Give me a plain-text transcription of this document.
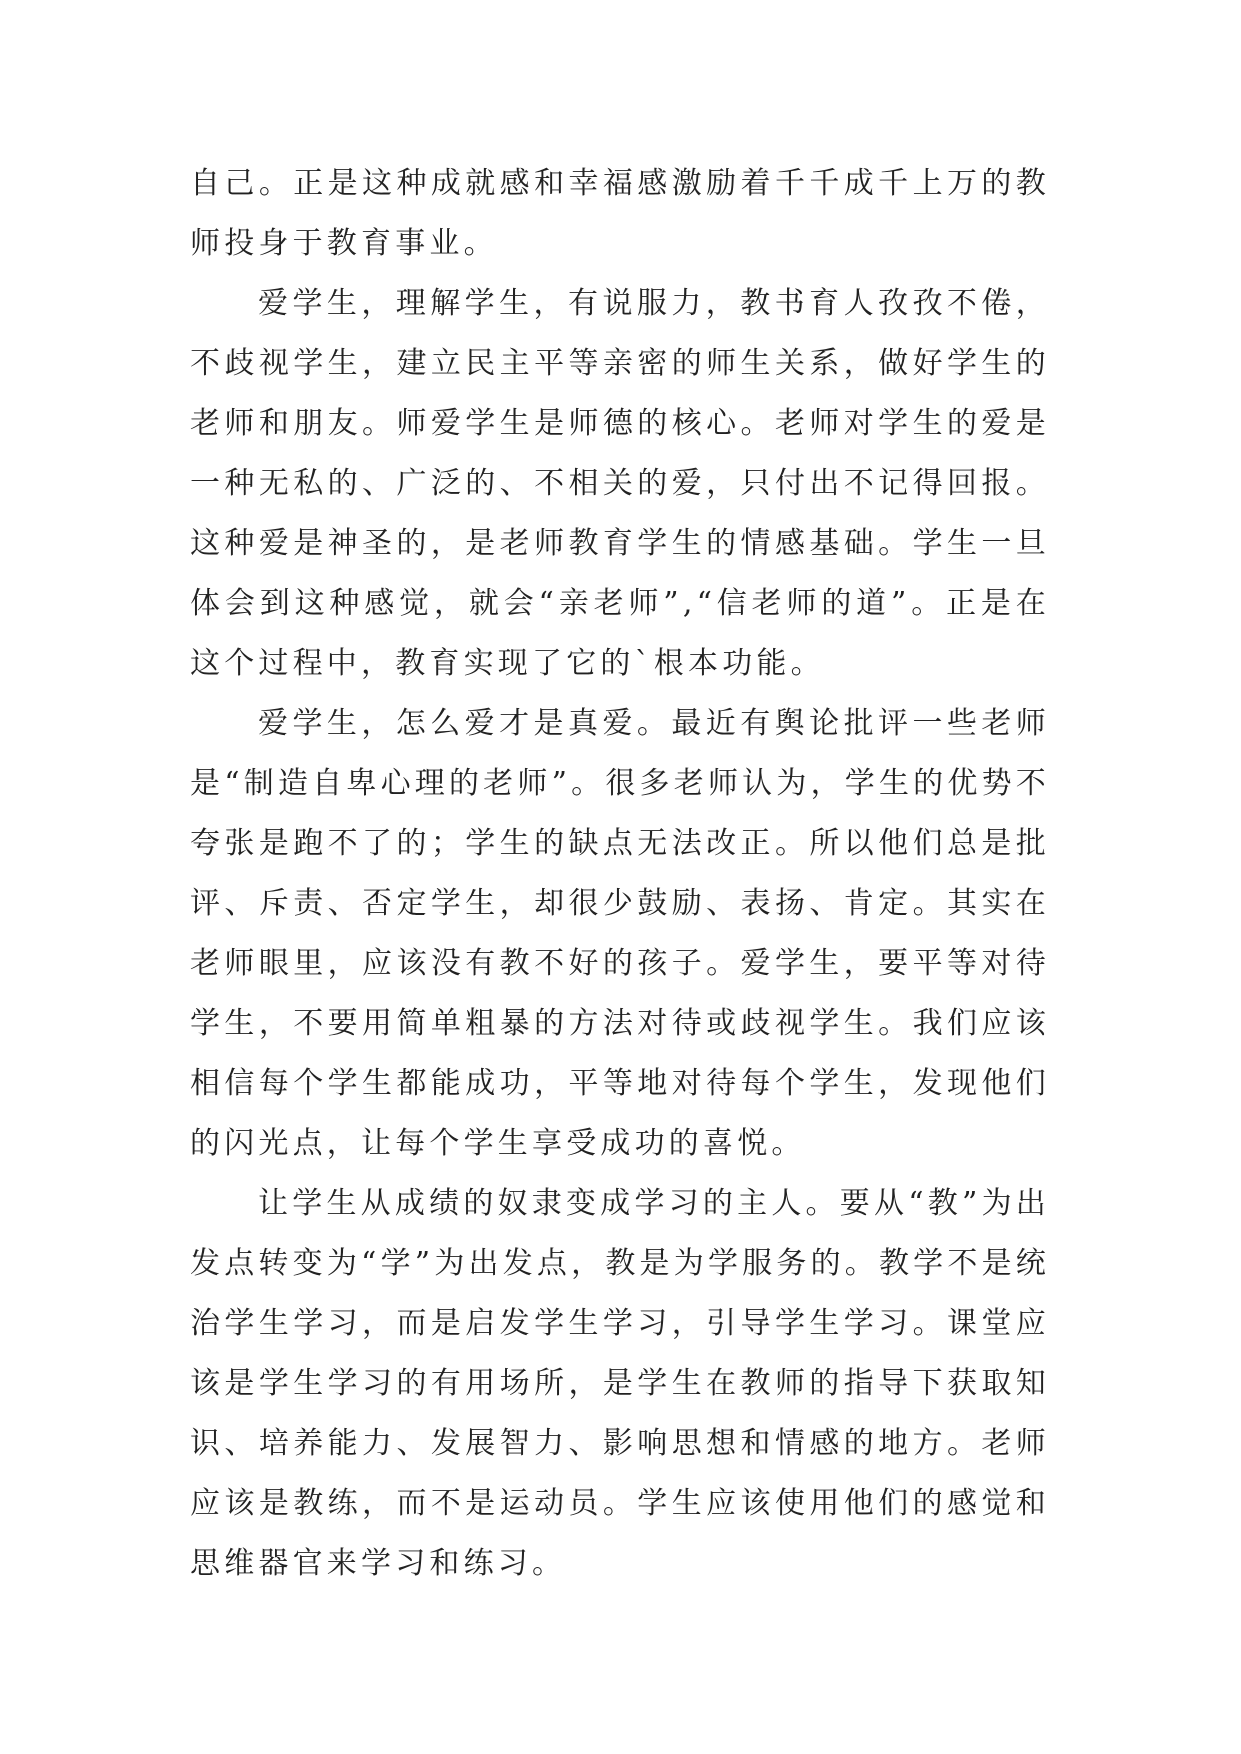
自己。正是这种成就感和幸福感激励着千千成千上万的教师投身于教育事业。

爱学生，理解学生，有说服力，教书育人孜孜不倦，不歧视学生，建立民主平等亲密的师生关系，做好学生的老师和朋友。师爱学生是师德的核心。老师对学生的爱是一种无私的、广泛的、不相关的爱，只付出不记得回报。这种爱是神圣的，是老师教育学生的情感基础。学生一旦体会到这种感觉，就会“亲老师”,“信老师的道”。正是在这个过程中，教育实现了它的`根本功能。

爱学生，怎么爱才是真爱。最近有舆论批评一些老师是“制造自卑心理的老师”。很多老师认为，学生的优势不夸张是跑不了的；学生的缺点无法改正。所以他们总是批评、斥责、否定学生，却很少鼓励、表扬、肯定。其实在老师眼里，应该没有教不好的孩子。爱学生，要平等对待学生，不要用简单粗暴的方法对待或歧视学生。我们应该相信每个学生都能成功，平等地对待每个学生，发现他们的闪光点，让每个学生享受成功的喜悦。

让学生从成绩的奴隶变成学习的主人。要从“教”为出发点转变为“学”为出发点，教是为学服务的。教学不是统治学生学习，而是启发学生学习，引导学生学习。课堂应该是学生学习的有用场所，是学生在教师的指导下获取知识、培养能力、发展智力、影响思想和情感的地方。老师应该是教练，而不是运动员。学生应该使用他们的感觉和思维器官来学习和练习。
